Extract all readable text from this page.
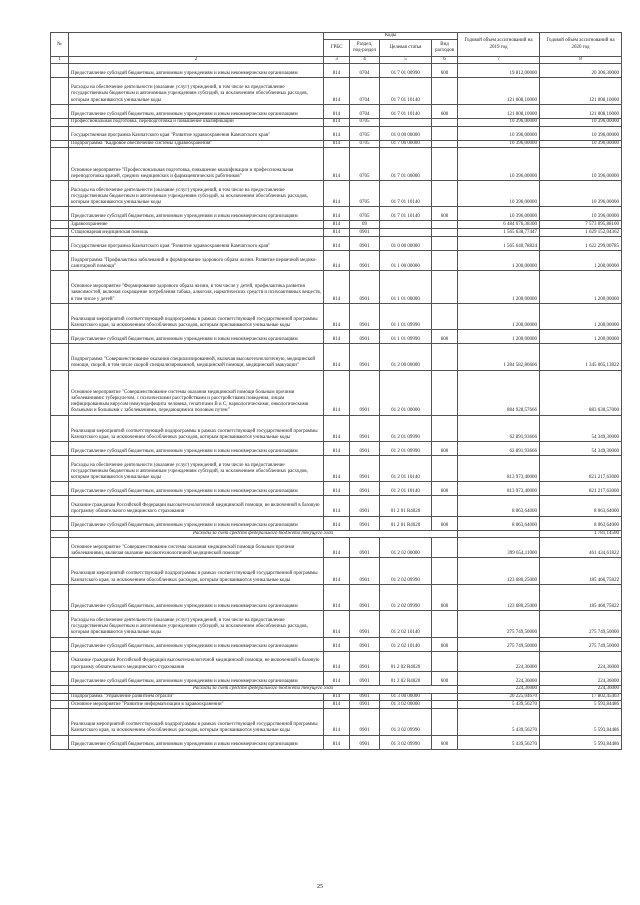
№		Коды				Годовой объем ассигнований на 2019 год	Годовой объем ассигнований на 2020 год
		ГРБС	Раздел, под-раздел	Целевая статья	Вид расходов		
1	2	3	4	5	6	7	8
	Предоставление субсидий бюджетным, автономным учреждениям и иным некоммерческим организациям	814	0704	01 7 01 00990	600	19 812,00000	20 306,30000
	Расходы на обеспечение деятельности (оказание услуг) учреждений, в том числе на предоставление государственным бюджетным и автономным учреждениям субсидий, за исключением обособленных расходов, которым присваиваются уникальные коды	814	0704	01 7 01 10140		121 008,10000	121 008,10000
	Предоставление субсидий бюджетным, автономным учреждениям и иным некоммерческим организациям	814	0704	01 7 01 10140	600	121 008,10000	121 008,10000
	Профессиональная подготовка, переподготовка и повышение квалификации	814	0705			10 396,00000	10 396,00000
	Государственная программа Камчатского края "Развитие здравоохранения Камчатского края"	814	0705	01 0 00 00000		10 396,00000	10 396,00000
	Подпрограмма "Кадровое обеспечение системы здравоохранения"	814	0705	01 7 00 00000		10 396,00000	10 396,00000
	Основное мероприятие "Профессиональная подготовка, повышение квалификации и профессиональная переподготовка врачей, средних медицинских и фармацевтических работников"	814	0705	01 7 01 00000		10 396,00000	10 396,00000
	Расходы на обеспечение деятельности (оказание услуг) учреждений, в том числе на предоставление государственным бюджетным и автономным учреждениям субсидий, за исключением обособленных расходов, которым присваиваются уникальные коды	814	0705	01 7 01 10140		10 396,00000	10 396,00000
	Предоставление субсидий бюджетным, автономным учреждениям и иным некоммерческим организациям	814	0705	01 7 01 10140	600	10 396,00000	10 396,00000
	Здравоохранение	814	09			6 484 676,38300	7 573 095,88100
	Стационарная медицинская помощь	814	0901			1 565 638,77447	1 629 152,04362
	Государственная программа Камчатского края "Развитие здравоохранения Камчатского края"	814	0901	01 0 00 00000		1 565 640,78824	1 622 299,00785
	Подпрограмма "Профилактика заболеваний и формирование здорового образа жизни. Развитие первичной медико-санитарной помощи"	814	0901	01 1 00 00000		1 200,00000	1 200,00000
	Основное мероприятие "Формирование здорового образа жизни, в том числе у детей, профилактика развития зависимостей, включая сокращение потребления табака, алкоголя, наркотических средств и психоактивных веществ, в том числе у детей"	814	0901	01 1 01 00000		1 200,00000	1 200,00000
	Реализация мероприятий соответствующей подпрограммы в рамках соответствующей государственной программы Камчатского края, за исключением обособленных расходов, которым присваиваются уникальные коды	814	0901	01 1 01 09990		1 200,00000	1 200,00000
	Предоставление субсидий бюджетным, автономным учреждениям и иным некоммерческим организациям	814	0901	01 1 01 09990	600	1 200,00000	1 200,00000
	Подпрограмма "Совершенствование оказания специализированной, включая высокотехнологичную, медицинской помощи, скорой, в том числе скорой специализированной, медицинской помощи, медицинской эвакуации"	814	0901	01 2 00 00000		1 284 582,86666	1 345 065,13822
	Основное мероприятие "Совершенствование системы оказания медицинской помощи больным прочими заболеваниями: туберкулезом, с психическими расстройствами и расстройствами поведения, лицам инфицированным вирусом иммунодефицита человека, гепатитами В и С, наркологическими, онкологическими больными и больными с заболеваниями, передающимися половым путем"	814	0901	01 2 01 00000		884 928,57666	883 630,57000
	Реализация мероприятий соответствующей подпрограммы в рамках соответствующей государственной программы Камчатского края, за исключением обособленных расходов, которым присваиваются уникальные коды	814	0901	01 2 01 09990		62 891,93666	54 349,30000
	Предоставление субсидий бюджетным, автономным учреждениям и иным некоммерческим организациям	814	0901	01 2 01 09990	600	62 891,93666	54 349,30000
	Расходы на обеспечение деятельности (оказание услуг) учреждений, в том числе на предоставление государственным бюджетным и автономным учреждениям субсидий, за исключением обособленных расходов, которым присваиваются уникальные коды	814	0901	01 2 01 10140		813 973,40000	821 217,63000
	Предоставление субсидий бюджетным, автономным учреждениям и иным некоммерческим организациям	814	0901	01 2 01 10140	600	813 973,40000	821 217,63000
	Оказание гражданам Российской Федерации высокотехнологичной медицинской помощи, не включенной в базовую программу обязательного медицинского страхования	814	0901	01 2 01 R4020		8 063,64000	8 063,64000
	Предоставление субсидий бюджетным, автономным учреждениям и иным некоммерческим организациям	814	0901	01 2 01 R4020	600	8 063,64000	8 063,64000
	Расходы за счет средств федерального бюджета текущего года						1 781,14500
	Основное мероприятие "Совершенствование системы оказания медицинской помощи больным прочими заболеваниями, включая оказание высокотехнологичной медицинской помощи"	814	0901	01 2 02 00000		399 654,11000	461 434,61822
	Реализация мероприятий соответствующей подпрограммы в рамках соответствующей государственной программы Камчатского края, за исключением обособленных расходов, которым присваиваются уникальные коды	814	0901	01 2 02 09990		123 680,25000	185 460,75822
	Предоставление субсидий бюджетным, автономным учреждениям и иным некоммерческим организациям	814	0901	01 2 02 09990	600	123 680,25000	185 460,75822
	Расходы на обеспечение деятельности (оказание услуг) учреждений, в том числе на предоставление государственным бюджетным и автономным учреждениям субсидий, за исключением обособленных расходов, которым присваиваются уникальные коды	814	0901	01 2 02 10140		275 749,50000	275 749,50000
	Предоставление субсидий бюджетным, автономным учреждениям и иным некоммерческим организациям	814	0901	01 2 02 10140	600	275 749,50000	275 749,50000
	Оказание гражданам Российской Федерации высокотехнологичной медицинской помощи, не включенной в базовую программу обязательного медицинского страхования	814	0901	01 2 02 R4020		224,36000	224,36000
	Предоставление субсидий бюджетным, автономным учреждениям и иным некоммерческим организациям	814	0901	01 2 02 R4020	600	224,36000	224,36000
	Расходы за счет средств федерального бюджета текущего года					224,36000	224,36000
	Подпрограмма "Управление развитием отрасли"	814	0901	01 3 00 00000		20 225,04670	17 802,45463
	Основное мероприятие "Развитие информатизации в здравоохранении"	814	0901	01 3 02 00000		5 439,56270	5 593,84486
	Реализация мероприятий соответствующей подпрограммы в рамках соответствующей государственной программы Камчатского края, за исключением обособленных расходов, которым присваиваются уникальные коды	814	0901	01 3 02 09990		5 439,56270	5 593,84486
	Предоставление субсидий бюджетным, автономным учреждениям и иным некоммерческим организациям	814	0901	01 3 02 09990	600	5 439,56270	5 593,84486
25
